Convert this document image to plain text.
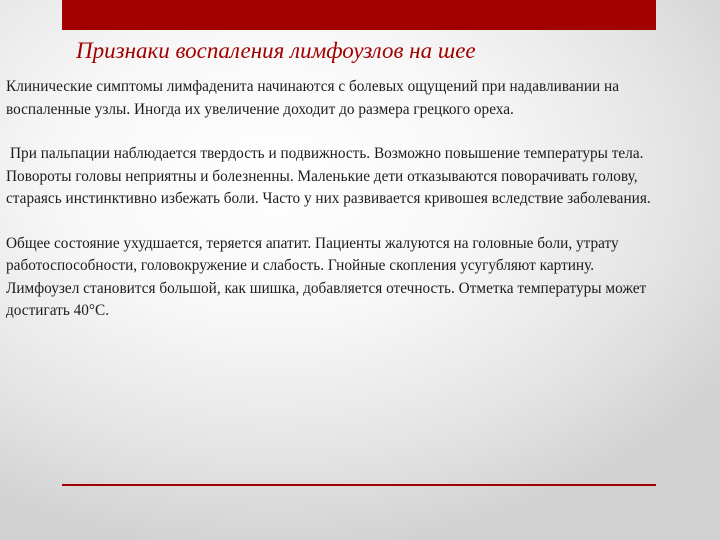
Признаки воспаления лимфоузлов на шее

Клинические симптомы лимфаденита начинаются с болевых ощущений при надавливании на воспаленные узлы. Иногда их увеличение доходит до размера грецкого ореха.

При пальпации наблюдается твердость и подвижность. Возможно повышение температуры тела. Повороты головы неприятны и болезненны. Маленькие дети отказываются поворачивать голову, стараясь инстинктивно избежать боли. Часто у них развивается кривошея вследствие заболевания.

Общее состояние ухудшается, теряется апатит. Пациенты жалуются на головные боли, утрату работоспособности, головокружение и слабость. Гнойные скопления усугубляют картину. Лимфоузел становится большой, как шишка, добавляется отечность. Отметка температуры может достигать 40°C.
